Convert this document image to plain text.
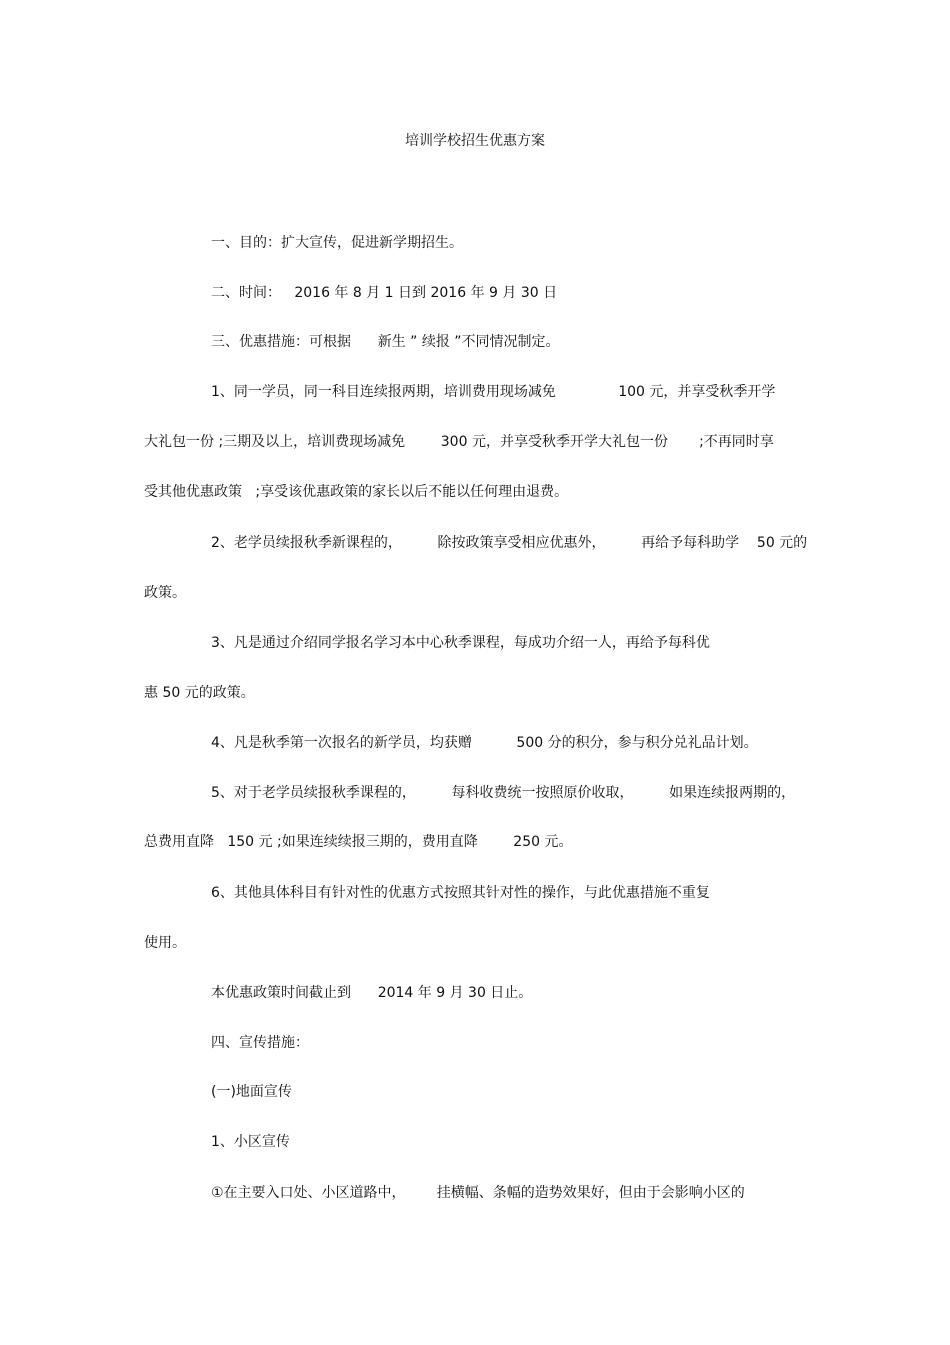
培训学校招生优惠方案

一、目的：扩大宣传，促进新学期招生。

二、时间：   2016 年 8 月 1 日到 2016 年 9 月 30 日

三、优惠措施：可根据      新生 ” 续报 ”不同情况制定。

1、同一学员，同一科目连续报两期，培训费用现场减免              100 元，并享受秋季开学

大礼包一份 ;三期及以上，培训费现场减免        300 元，并享受秋季开学大礼包一份       ;不再同时享

受其他优惠政策   ;享受该优惠政策的家长以后不能以任何理由退费。

2、老学员续报秋季新课程的，        除按政策享受相应优惠外，        再给予每科助学    50 元的

政策。

3、凡是通过介绍同学报名学习本中心秋季课程，每成功介绍一人，再给予每科优

惠 50 元的政策。

4、凡是秋季第一次报名的新学员，均获赠          500 分的积分，参与积分兑礼品计划。

5、对于老学员续报秋季课程的，        每科收费统一按照原价收取，        如果连续报两期的，

总费用直降   150 元 ;如果连续续报三期的，费用直降        250 元。

6、其他具体科目有针对性的优惠方式按照其针对性的操作，与此优惠措施不重复

使用。

本优惠政策时间截止到      2014 年 9 月 30 日止。

四、宣传措施：

(一)地面宣传

1、小区宣传

①在主要入口处、小区道路中，       挂横幅、条幅的造势效果好，但由于会影响小区的
